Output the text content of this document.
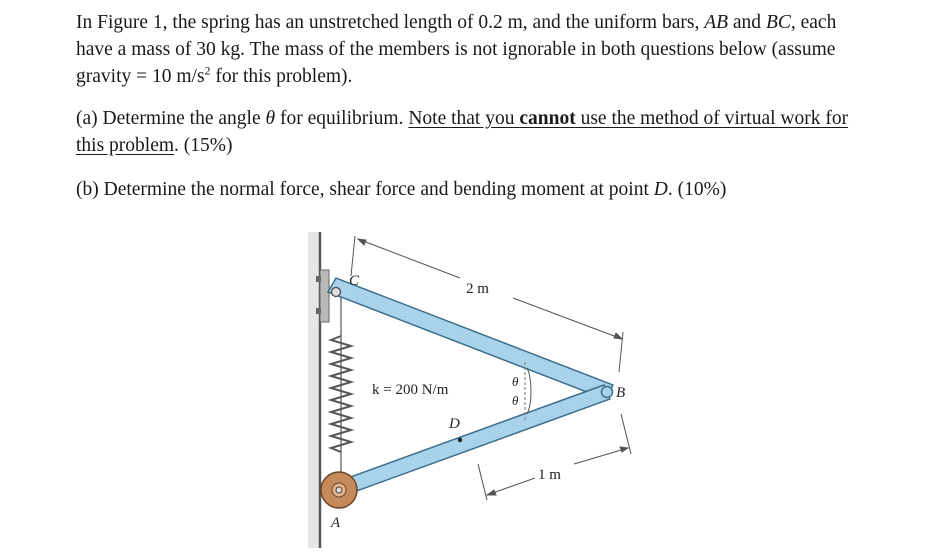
In Figure 1, the spring has an unstretched length of 0.2 m, and the uniform bars, AB and BC, each have a mass of 30 kg. The mass of the members is not ignorable in both questions below (assume gravity = 10 $m/s^2$ for this problem).

(a) Determine the angle θ for equilibrium. Note that you cannot use the method of virtual work for this problem. (15%)

(b) Determine the normal force, shear force and bending moment at point D. (10%)

C
B
A
D
2 m
1 m
k = 200 N/m
θ
θ
